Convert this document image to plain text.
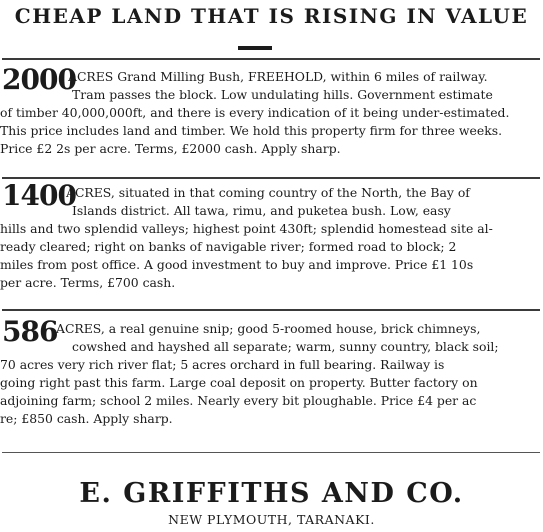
CHEAP LAND THAT IS RISING IN VALUE
2000
ACRES Grand Milling Bush, FREEHOLD, within 6 miles of railway.
Tram passes the block. Low undulating hills. Government estimate
of timber 40,000,000ft, and there is every indication of it being under-estimated.
This price includes land and timber. We hold this property firm for three weeks.
Price £2 2s per acre. Terms, £2000 cash. Apply sharp.
1400
ACRES, situated in that coming country of the North, the Bay of
Islands district. All tawa, rimu, and puketea bush. Low, easy
hills and two splendid valleys; highest point 430ft; splendid homestead site al-
ready cleared; right on banks of navigable river; formed road to block; 2
miles from post office. A good investment to buy and improve. Price £1 10s
per acre. Terms, £700 cash.
586
ACRES, a real genuine snip; good 5-roomed house, brick chimneys,
cowshed and hayshed all separate; warm, sunny country, black soil;
70 acres very rich river flat; 5 acres orchard in full bearing. Railway is
going right past this farm. Large coal deposit on property. Butter factory on
adjoining farm; school 2 miles. Nearly every bit ploughable. Price £4 per ac
re; £850 cash. Apply sharp.
E. GRIFFITHS AND CO.
NEW PLYMOUTH, TARANAKI.
